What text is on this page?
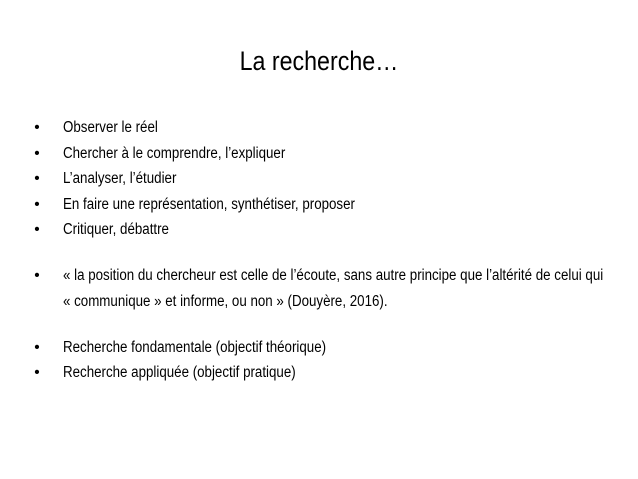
La recherche…
• Observer le réel
• Chercher à le comprendre, l’expliquer
• L’analyser, l’étudier
• En faire une représentation, synthétiser, proposer
• Critiquer, débattre
• « la position du chercheur est celle de l’écoute, sans autre principe que l’altérité de celui qui « communique » et informe, ou non » (Douyère, 2016).
• Recherche fondamentale (objectif théorique)
• Recherche appliquée (objectif pratique)
